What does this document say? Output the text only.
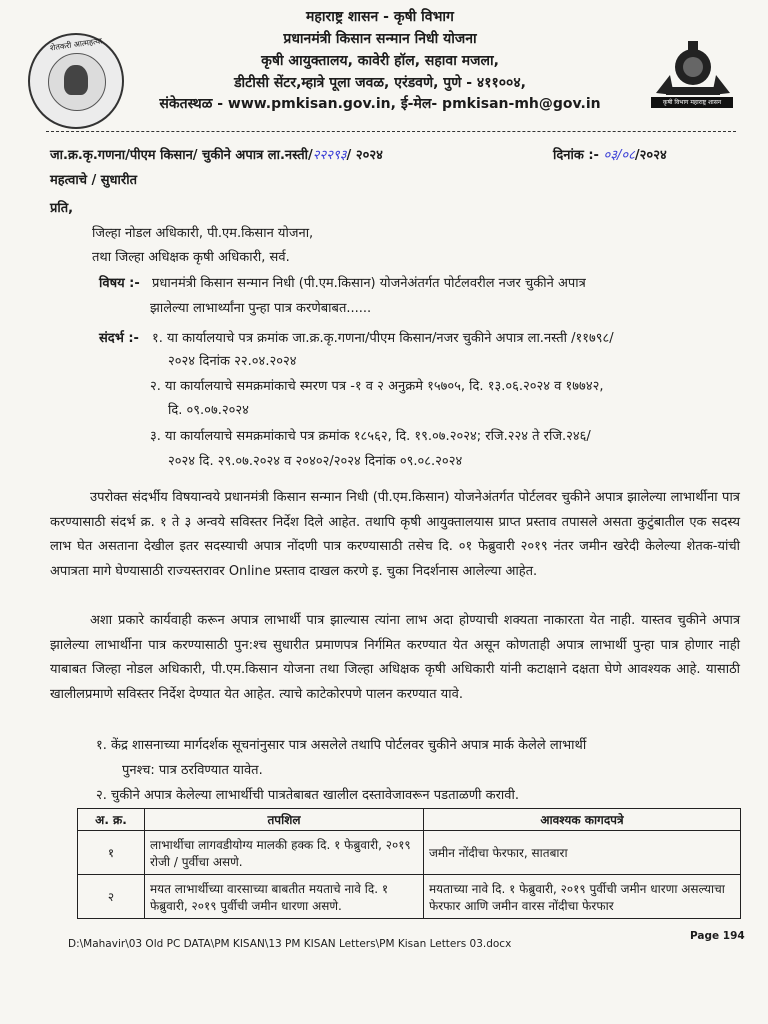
शेतकरी आत्महत्या
कृषी विभाग महाराष्ट्र शासन
महाराष्ट्र शासन - कृषी विभाग
प्रधानमंत्री किसान सन्मान निधी योजना
कृषी आयुक्तालय, कावेरी हॉल, सहावा मजला,
डीटीसी सेंटर,म्हात्रे पूला जवळ, एरंडवणे, पुणे - ४११००४,
संकेतस्थळ - www.pmkisan.gov.in, ई-मेल- pmkisan-mh@gov.in
जा.क्र.कृ.गणना/पीएम किसान/ चुकीने अपात्र ला.नस्ती/२२२९३/ २०२४	दिनांक :- ०३/०८/२०२४
महत्वाचे / सुधारीत
प्रति,
जिल्हा नोडल अधिकारी, पी.एम.किसान योजना,
तथा जिल्हा अधिक्षक कृषी अधिकारी, सर्व.
विषय :- प्रधानमंत्री किसान सन्मान निधी (पी.एम.किसान) योजनेअंतर्गत पोर्टलवरील नजर चुकीने अपात्र
झालेल्या लाभार्थ्यांना पुन्हा पात्र करणेबाबत......
संदर्भ :- १. या कार्यालयाचे पत्र क्रमांक जा.क्र.कृ.गणना/पीएम किसान/नजर चुकीने अपात्र ला.नस्ती /११७९८/
२०२४ दिनांक २२.०४.२०२४
२. या कार्यालयाचे समक्रमांकाचे स्मरण पत्र -१ व २ अनुक्रमे १५७०५, दि. १३.०६.२०२४ व १७७४२,
दि. ०९.०७.२०२४
३. या कार्यालयाचे समक्रमांकाचे पत्र क्रमांक १८५६२, दि. १९.०७.२०२४; रजि.२२४ ते रजि.२४६/
२०२४ दि. २९.०७.२०२४ व २०४०२/२०२४ दिनांक ०९.०८.२०२४
उपरोक्त संदर्भीय विषयान्वये प्रधानमंत्री किसान सन्मान निधी (पी.एम.किसान) योजनेअंतर्गत पोर्टलवर चुकीने अपात्र झालेल्या लाभार्थीना पात्र करण्यासाठी संदर्भ क्र. १ ते ३ अन्वये सविस्तर निर्देश दिले आहेत. तथापि कृषी आयुक्तालयास प्राप्त प्रस्ताव तपासले असता कुटुंबातील एक सदस्य लाभ घेत असताना देखील इतर सदस्याची अपात्र नोंदणी पात्र करण्यासाठी तसेच दि. ०१ फेब्रुवारी २०१९ नंतर जमीन खरेदी केलेल्या शेतक-यांची अपात्रता मागे घेण्यासाठी राज्यस्तरावर Online प्रस्ताव दाखल करणे इ. चुका निदर्शनास आलेल्या आहेत.
अशा प्रकारे कार्यवाही करून अपात्र लाभार्थी पात्र झाल्यास त्यांना लाभ अदा होण्याची शक्यता नाकारता येत नाही. यास्तव चुकीने अपात्र झालेल्या लाभार्थीना पात्र करण्यासाठी पुन:श्च सुधारीत प्रमाणपत्र निर्गमित करण्यात येत असून कोणताही अपात्र लाभार्थी पुन्हा पात्र होणार नाही याबाबत जिल्हा नोडल अधिकारी, पी.एम.किसान योजना तथा जिल्हा अधिक्षक कृषी अधिकारी यांनी कटाक्षाने दक्षता घेणे आवश्यक आहे. यासाठी खालीलप्रमाणे सविस्तर निर्देश देण्यात येत आहेत. त्याचे काटेकोरपणे पालन करण्यात यावे.
१. केंद्र शासनाच्या मार्गदर्शक सूचनांनुसार पात्र असलेले तथापि पोर्टलवर चुकीने अपात्र मार्क केलेले लाभार्थी
पुनश्च: पात्र ठरविण्यात यावेत.
२. चुकीने अपात्र केलेल्या लाभार्थीची पात्रतेबाबत खालील दस्तावेजावरून पडताळणी करावी.
अ. क्र.	तपशिल	आवश्यक कागदपत्रे
१	लाभार्थीचा लागवडीयोग्य मालकी हक्क दि. १ फेब्रुवारी, २०१९ रोजी / पुर्वीचा असणे.	जमीन नोंदीचा फेरफार, सातबारा
२	मयत लाभार्थीच्या वारसाच्या बाबतीत मयताचे नावे दि. १ फेब्रुवारी, २०१९ पुर्वीची जमीन धारणा असणे.	मयताच्या नावे दि. १ फेब्रुवारी, २०१९ पुर्वीची जमीन धारणा असल्याचा फेरफार आणि जमीन वारस नोंदीचा फेरफार
D:\Mahavir\03 Old PC DATA\PM KISAN\13 PM KISAN Letters\PM Kisan Letters 03.docx
Page 194
